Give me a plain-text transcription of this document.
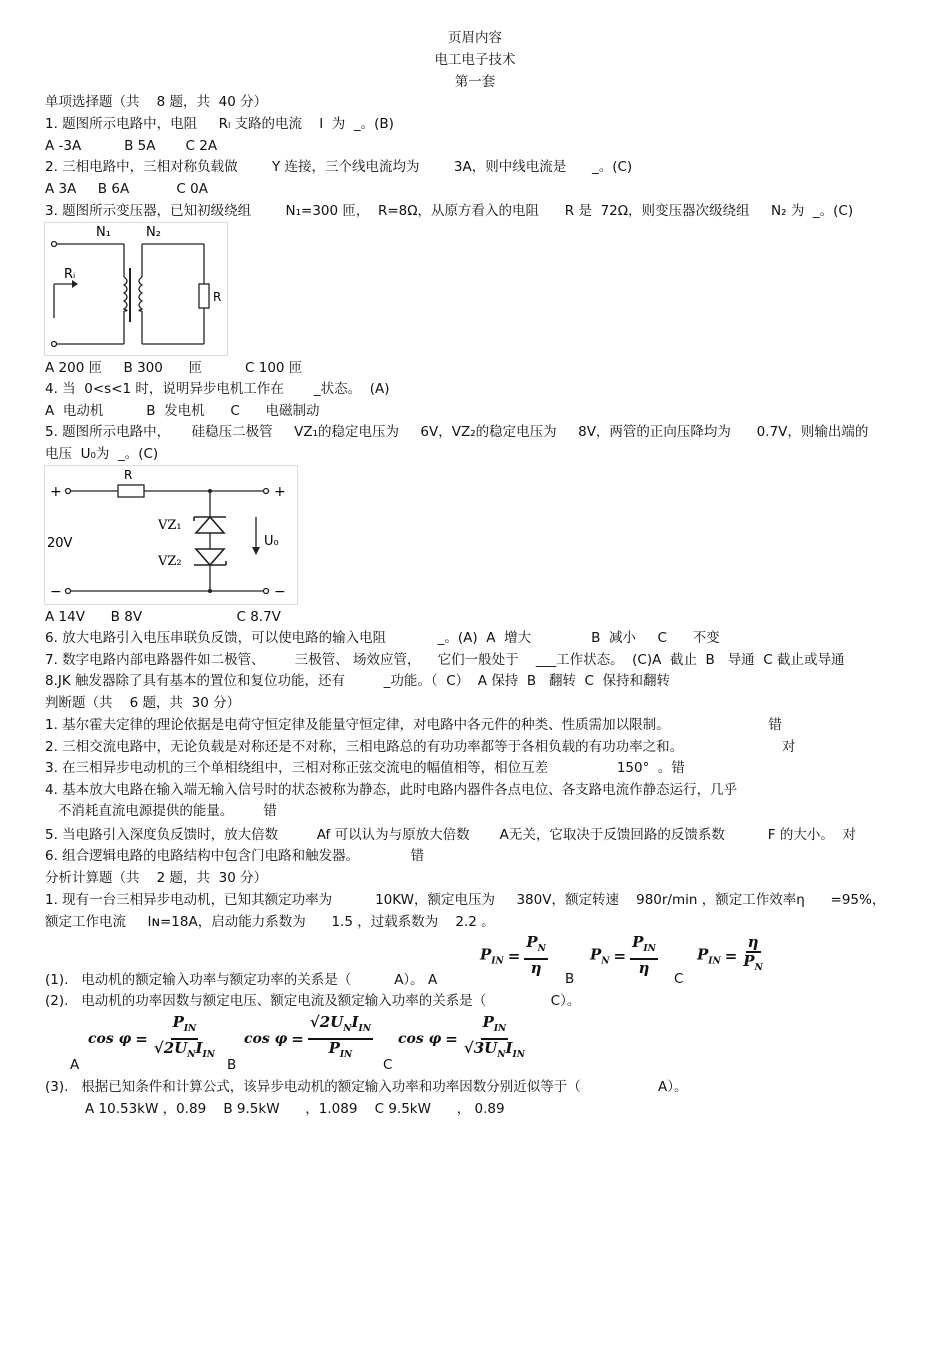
页眉内容
电工电子技术
第一套
单项选择题（共    8 题，共  40 分）
1. 题图所示电路中，电阻     Rₗ 支路的电流    I  为  _。(B)
A -3A          B 5A       C 2A
2. 三相电路中，三相对称负载做        Y 连接，三个线电流均为        3A，则中线电流是      _。(C)
A 3A     B 6A           C 0A
3. 题图所示变压器，已知初级绕组        N₁=300 匝，  R=8Ω，从原方看入的电阻      R 是  72Ω，则变压器次级绕组     N₂ 为  _。(C)
N₁	N₂
Rᵢ
R
A 200 匝     B 300      匝          C 100 匝
4. 当  0<s<1 时，说明异步电机工作在       _状态。  (A)
A  电动机          B  发电机      C      电磁制动
5. 题图所示电路中，     硅稳压二极管     VZ₁的稳定电压为     6V，VZ₂的稳定电压为     8V，两管的正向压降均为      0.7V，则输出端的
电压  U₀为  _。(C)
+	+
−	−
R
VZ₁
VZ₂
20V	U₀
A 14V      B 8V                      C 8.7V
6. 放大电路引入电压串联负反馈，可以使电路的输入电阻            _。(A)  A  增大              B  减小     C      不变
7. 数字电路内部电路器件如二极管、       三极管、 场效应管，    它们一般处于    ___工作状态。  (C)A  截止  B   导通  C 截止或导通
8.JK 触发器除了具有基本的置位和复位功能，还有         _功能。（  C）  A 保持  B   翻转  C  保持和翻转
判断题（共    6 题，共  30 分）
1. 基尔霍夫定律的理论依据是电荷守恒定律及能量守恒定律，对电路中各元件的种类、性质需加以限制。                       错
2. 三相交流电路中，无论负载是对称还是不对称，三相电路总的有功功率都等于各相负载的有功功率之和。                       对
3. 在三相异步电动机的三个单相绕组中，三相对称正弦交流电的幅值相等，相位互差                150°  。错
4. 基本放大电路在输入端无输入信号时的状态被称为静态，此时电路内器件各点电位、各支路电流作静态运行，几乎
不消耗直流电源提供的能量。       错
5. 当电路引入深度负反馈时，放大倍数         Af 可以认为与原放大倍数       A无关，它取决于反馈回路的反馈系数          F 的大小。  对
6. 组合逻辑电路的电路结构中包含门电路和触发器。            错
分析计算题（共    2 题，共  30 分）
1. 现有一台三相异步电动机，已知其额定功率为          10KW，额定电压为     380V，额定转速    980r/min ，额定工作效率η      =95%，
额定工作电流     Iɴ=18A，启动能力系数为      1.5 ，过载系数为    2.2 。
$P_{IN} = \frac{P_N}{\eta}$	$P_N = \frac{P_{IN}}{\eta}$	$P_{IN} = \frac{\eta}{P_N}$
(1).   电动机的额定输入功率与额定功率的关系是（          A）。 A	B	C
(2).   电动机的功率因数与额定电压、额定电流及额定输入功率的关系是（               C）。
$\cos \varphi = \frac{P_{IN}}{√2U_NI_{IN}}$ $\cos \varphi = \frac{√2U_NI_{IN}}{P_{IN}}$ $\cos \varphi = \frac{P_{IN}}{√3U_NI_{IN}}$
A	B	C
(3).   根据已知条件和计算公式，该异步电动机的额定输入功率和功率因数分别近似等于（                  A）。
A 10.53kW ，0.89    B 9.5kW      ，1.089    C 9.5kW      ， 0.89
